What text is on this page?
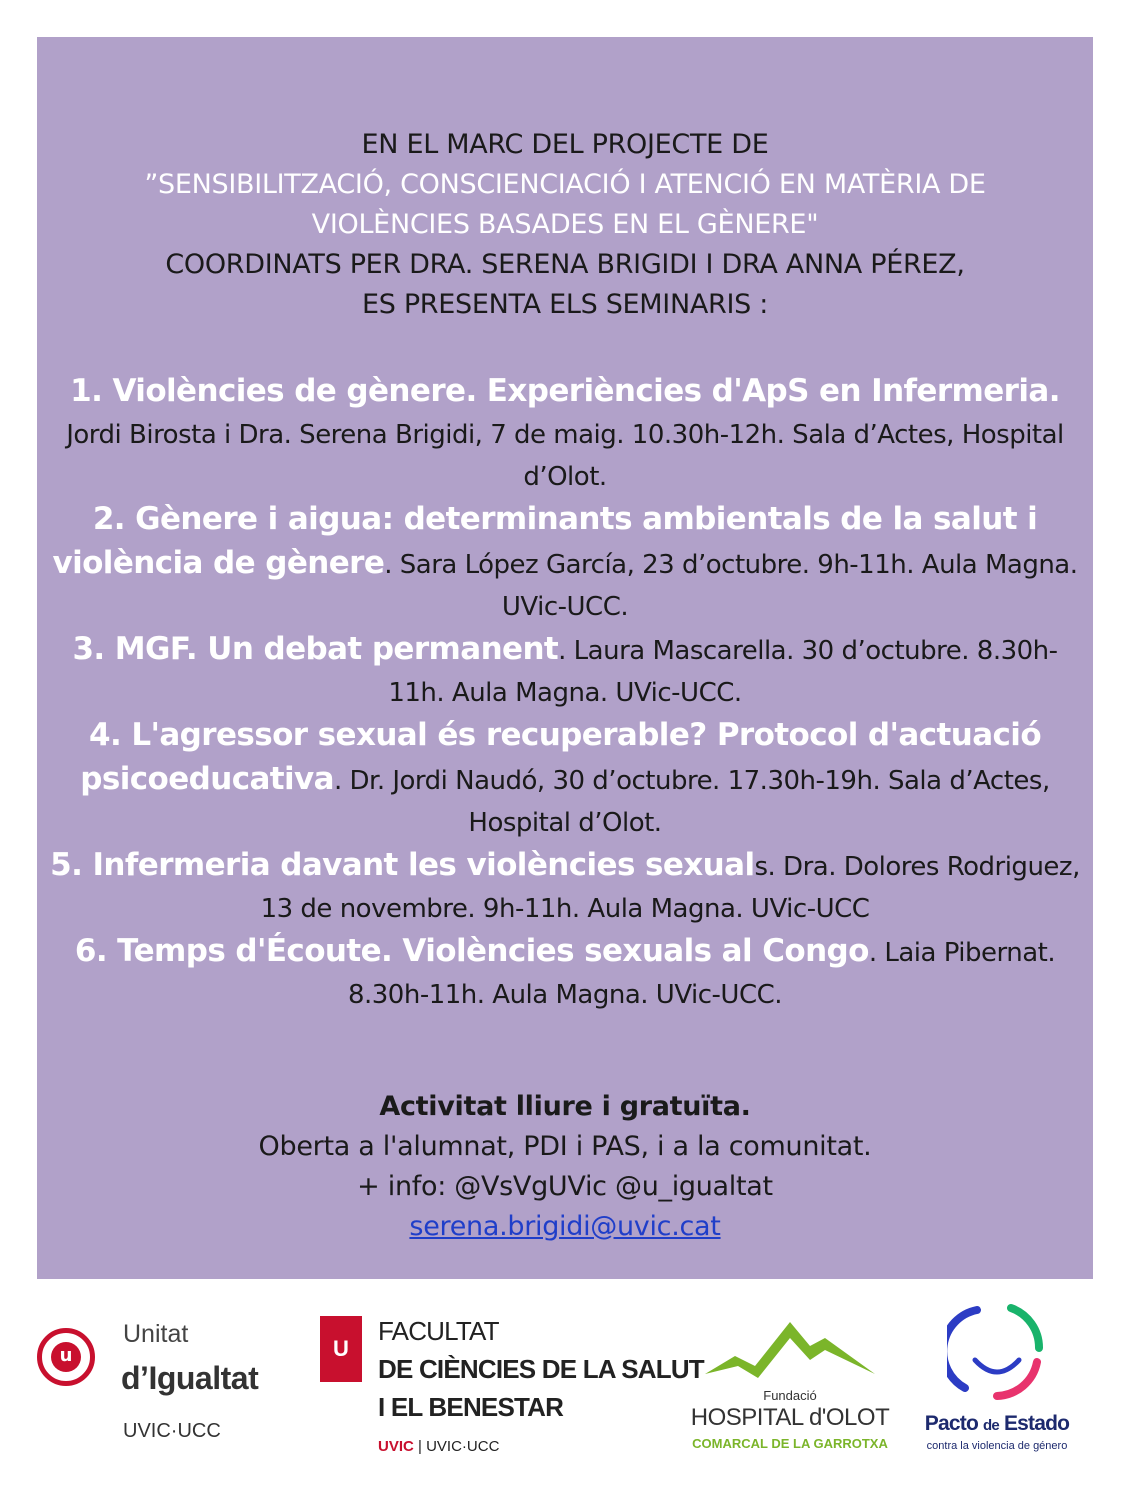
EN EL MARC DEL PROJECTE DE
”SENSIBILITZACIÓ, CONSCIENCIACIÓ I ATENCIÓ EN MATÈRIA DE
VIOLÈNCIES BASADES EN EL GÈNERE"
COORDINATS PER DRA. SERENA BRIGIDI I DRA ANNA PÉREZ,
ES PRESENTA ELS SEMINARIS :

1. Violències de gènere. Experiències d'ApS en Infermeria.
Jordi Birosta i Dra. Serena Brigidi, 7 de maig. 10.30h-12h. Sala d’Actes, Hospital d’Olot.

2. Gènere i aigua: determinants ambientals de la salut i violència de gènere. Sara López García, 23 d’octubre. 9h-11h. Aula Magna. UVic-UCC.

3. MGF. Un debat permanent. Laura Mascarella. 30 d’octubre. 8.30h-11h. Aula Magna. UVic-UCC.

4. L'agressor sexual és recuperable? Protocol d'actuació psicoeducativa. Dr. Jordi Naudó, 30 d’octubre. 17.30h-19h. Sala d’Actes, Hospital d’Olot.

5. Infermeria davant les violències sexuals. Dra. Dolores Rodriguez, 13 de novembre. 9h-11h. Aula Magna. UVic-UCC

6. Temps d'Écoute. Violències sexuals al Congo. Laia Pibernat. 8.30h-11h. Aula Magna. UVic-UCC.

Activitat lliure i gratuïta.
Oberta a l'alumnat, PDI i PAS, i a la comunitat.
+ info: @VsVgUVic @u_igualtat
serena.brigidi@uvic.cat
u
Unitat
d’Igualtat
UVIC·UCC
U
FACULTAT
DE CIÈNCIES DE LA SALUT
I EL BENESTAR
UVIC | UVIC·UCC
Fundació
HOSPITAL d'OLOT
COMARCAL DE LA GARROTXA
Pacto de Estado
contra la violencia de género
